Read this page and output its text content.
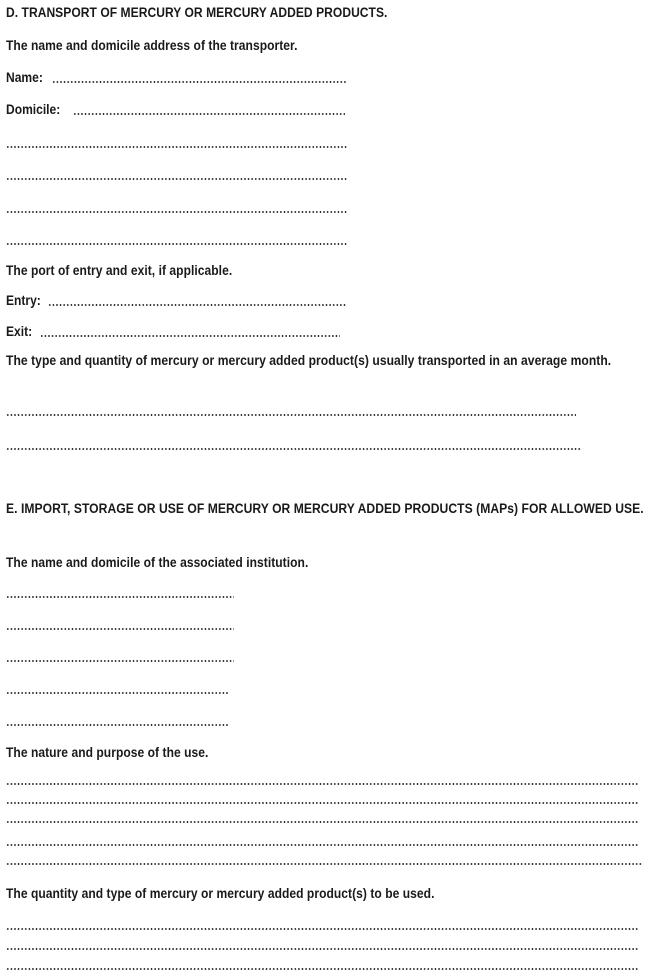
D. TRANSPORT OF MERCURY OR MERCURY ADDED PRODUCTS.
The name and domicile address of the transporter.
Name:
Domicile:
The port of entry and exit, if applicable.
Entry:
Exit:
The type and quantity of mercury or mercury added product(s) usually transported in an average month.
E. IMPORT, STORAGE OR USE OF MERCURY OR MERCURY ADDED PRODUCTS (MAPs) FOR ALLOWED USE.
The name and domicile of the associated institution.
The nature and purpose of the use.
The quantity and type of mercury or mercury added product(s) to be used.
